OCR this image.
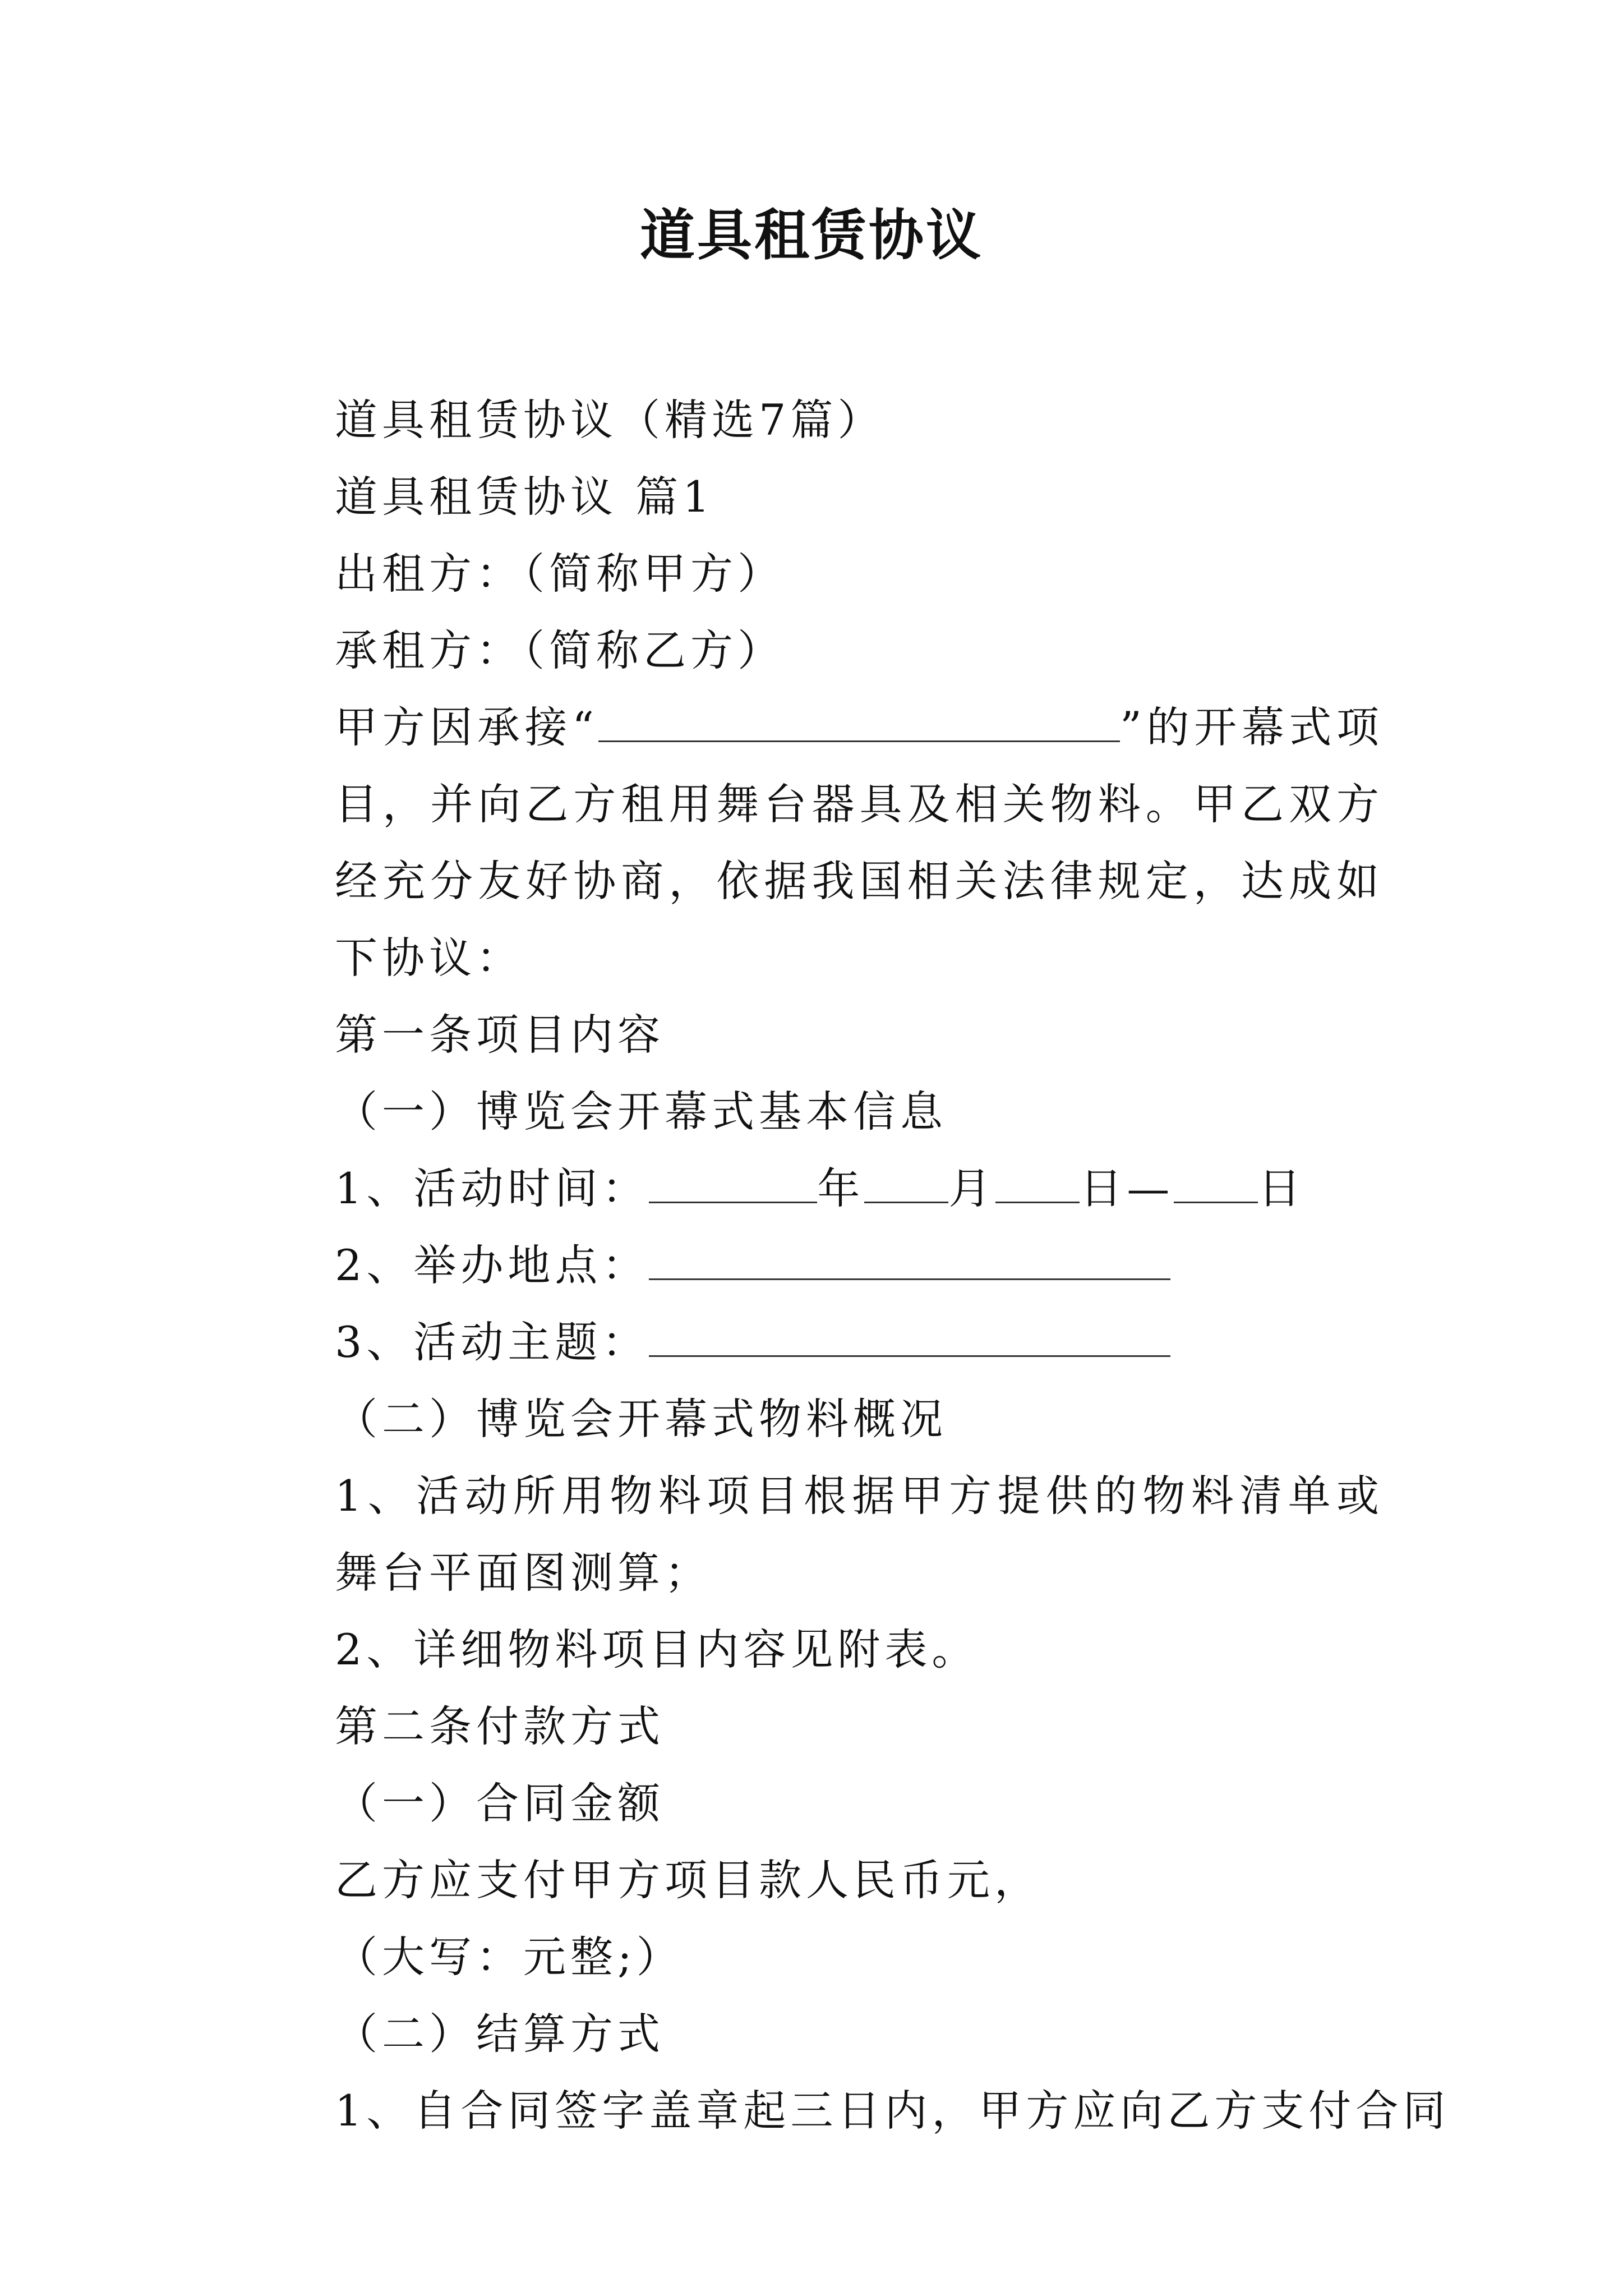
道具租赁协议

道具租赁协议（精选7篇）

道具租赁协议 篇1

出租方：（简称甲方）

承租方：（简称乙方）

甲方因承接“	”的开幕式项目，并向乙方租用舞台器具及相关物料。甲乙双方经充分友好协商，依据我国相关法律规定，达成如下协议：

第一条项目内容

（一）博览会开幕式基本信息

1、活动时间：	年 月 日— 日

2、举办地点：

3、活动主题：

（二）博览会开幕式物料概况

1、活动所用物料项目根据甲方提供的物料清单或舞台平面图测算；

2、详细物料项目内容见附表。

第二条付款方式

（一）合同金额

乙方应支付甲方项目款人民币元，

（大写：元整;）

（二）结算方式

1、自合同签字盖章起三日内，甲方应向乙方支付合同
